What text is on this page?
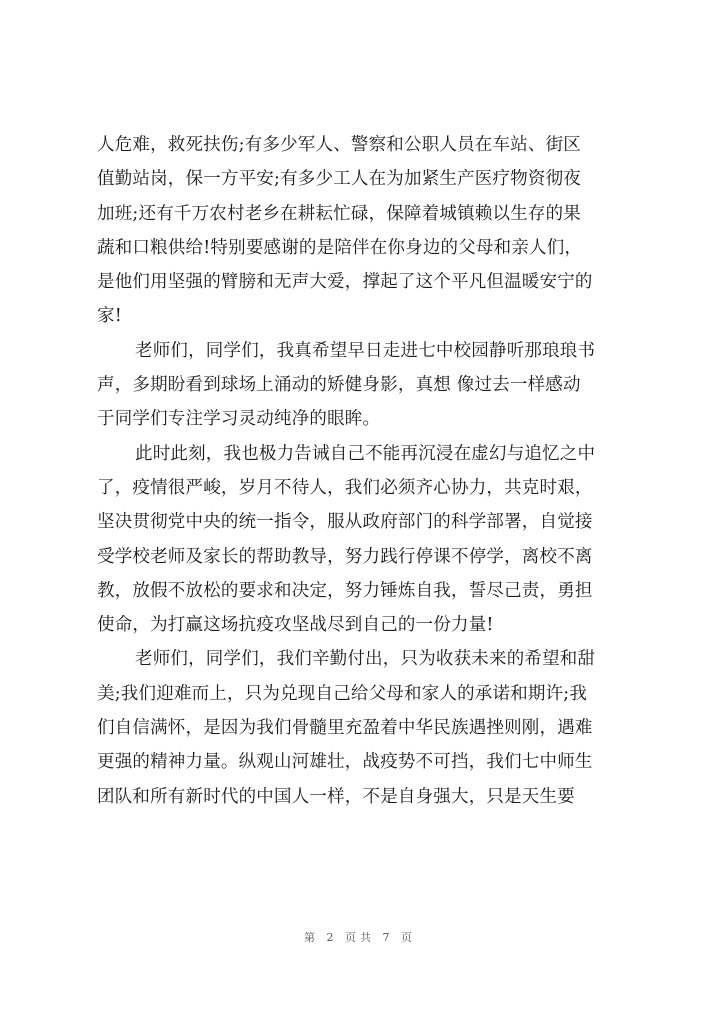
人危难，救死扶伤;有多少军人、警察和公职人员在车站、街区
值勤站岗，保一方平安;有多少工人在为加紧生产医疗物资彻夜
加班;还有千万农村老乡在耕耘忙碌，保障着城镇赖以生存的果
蔬和口粮供给!特别要感谢的是陪伴在你身边的父母和亲人们，
是他们用坚强的臂膀和无声大爱，撑起了这个平凡但温暖安宁的
家!
老师们，同学们，我真希望早日走进七中校园静听那琅琅书
声，多期盼看到球场上涌动的矫健身影，真想 像过去一样感动
于同学们专注学习灵动纯净的眼眸。
此时此刻，我也极力告诫自己不能再沉浸在虚幻与追忆之中
了，疫情很严峻，岁月不待人，我们必须齐心协力，共克时艰，
坚决贯彻党中央的统一指令，服从政府部门的科学部署，自觉接
受学校老师及家长的帮助教导，努力践行停课不停学，离校不离
教，放假不放松的要求和决定，努力锤炼自我，誓尽己责，勇担
使命，为打赢这场抗疫攻坚战尽到自己的一份力量!
老师们，同学们，我们辛勤付出，只为收获未来的希望和甜
美;我们迎难而上，只为兑现自己给父母和家人的承诺和期许;我
们自信满怀，是因为我们骨髓里充盈着中华民族遇挫则刚，遇难
更强的精神力量。纵观山河雄壮，战疫势不可挡，我们七中师生
团队和所有新时代的中国人一样，不是自身强大，只是天生要
第 2 页共 7 页
